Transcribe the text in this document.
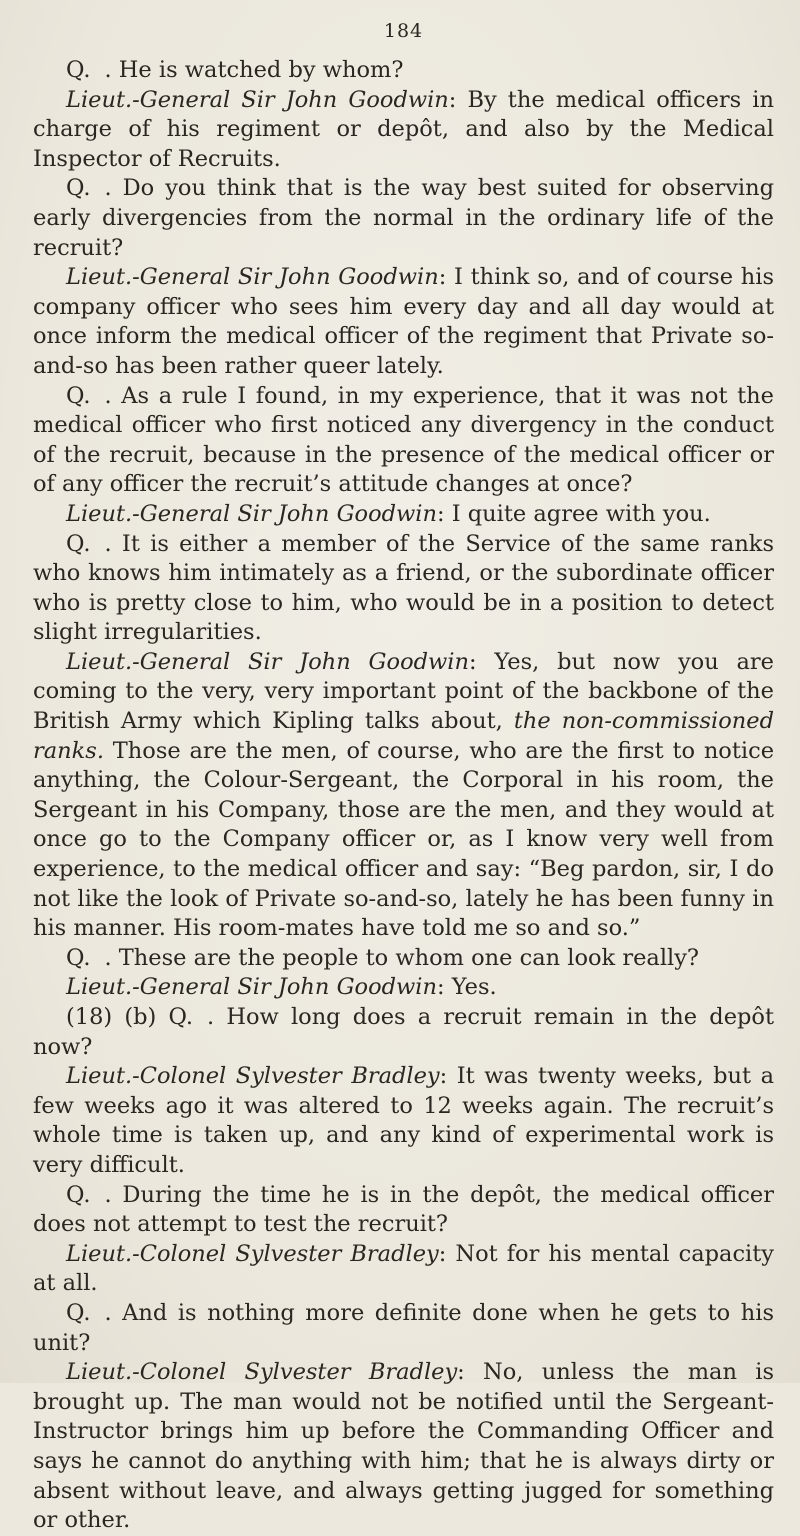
184

Q. . He is watched by whom?

Lieut.-General Sir John Goodwin: By the medical officers in charge of his regiment or depôt, and also by the Medical Inspector of Recruits.

Q. . Do you think that is the way best suited for observing early divergencies from the normal in the ordinary life of the recruit?

Lieut.-General Sir John Goodwin: I think so, and of course his company officer who sees him every day and all day would at once inform the medical officer of the regiment that Private so-and-so has been rather queer lately.

Q. . As a rule I found, in my experience, that it was not the medical officer who first noticed any divergency in the conduct of the recruit, because in the presence of the medical officer or of any officer the recruit’s attitude changes at once?

Lieut.-General Sir John Goodwin: I quite agree with you.

Q. . It is either a member of the Service of the same ranks who knows him intimately as a friend, or the subordinate officer who is pretty close to him, who would be in a position to detect slight irregularities.

Lieut.-General Sir John Goodwin: Yes, but now you are coming to the very, very important point of the backbone of the British Army which Kipling talks about, the non-commissioned ranks. Those are the men, of course, who are the first to notice anything, the Colour-Sergeant, the Corporal in his room, the Sergeant in his Company, those are the men, and they would at once go to the Company officer or, as I know very well from experience, to the medical officer and say: “Beg pardon, sir, I do not like the look of Private so-and-so, lately he has been funny in his manner. His room-mates have told me so and so.”

Q. . These are the people to whom one can look really?

Lieut.-General Sir John Goodwin: Yes.

(18) (b) Q. . How long does a recruit remain in the depôt now?

Lieut.-Colonel Sylvester Bradley: It was twenty weeks, but a few weeks ago it was altered to 12 weeks again. The recruit’s whole time is taken up, and any kind of experimental work is very difficult.

Q. . During the time he is in the depôt, the medical officer does not attempt to test the recruit?

Lieut.-Colonel Sylvester Bradley: Not for his mental capacity at all.

Q. . And is nothing more definite done when he gets to his unit?

Lieut.-Colonel Sylvester Bradley: No, unless the man is brought up. The man would not be notified until the Sergeant-Instructor brings him up before the Commanding Officer and says he cannot do anything with him; that he is always dirty or absent without leave, and always getting jugged for something or other.
